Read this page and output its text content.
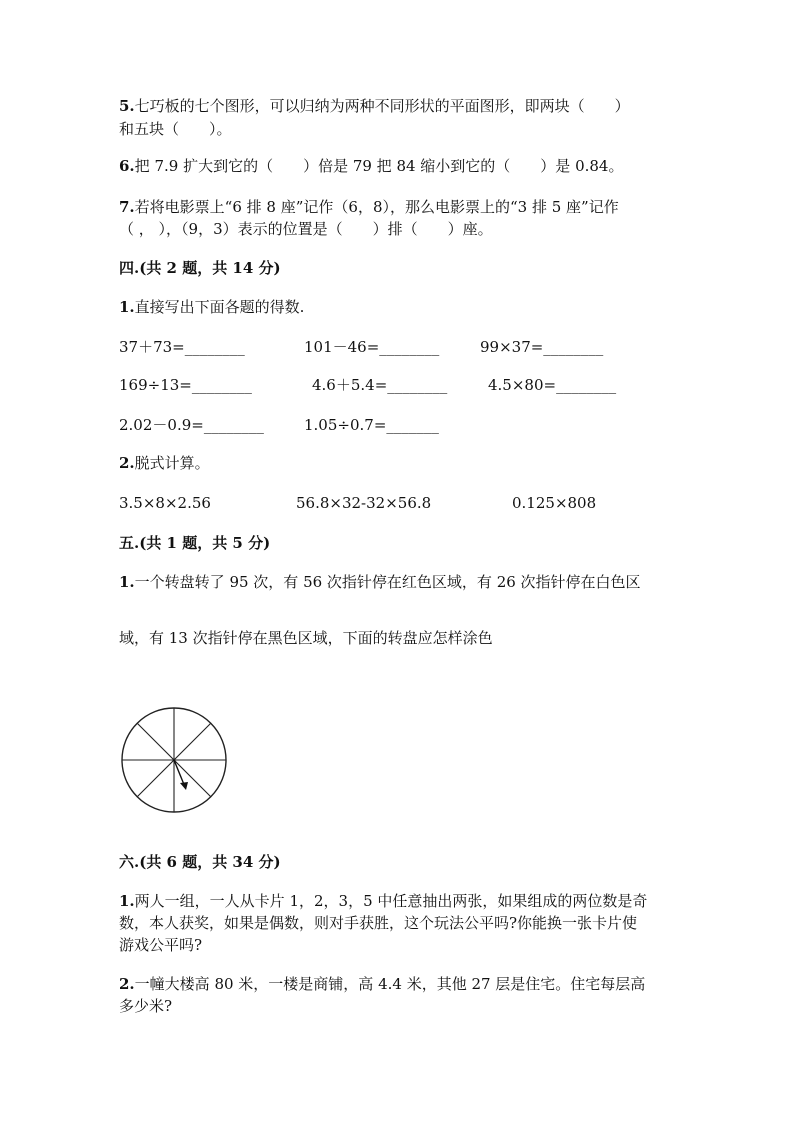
5.七巧板的七个图形，可以归纳为两种不同形状的平面图形，即两块（　　）
和五块（　　）。
6.把 7.9 扩大到它的（　　）倍是 79 把 84 缩小到它的（　　）是 0.84。
7.若将电影票上“6 排 8 座”记作（6，8），那么电影票上的“3 排 5 座”记作
（ ， ），（9，3）表示的位置是（　　）排（　　）座。
四.(共 2 题，共 14 分)
1.直接写出下面各题的得数.
37＋73=________	101－46=________	99×37=________
169÷13=________	4.6＋5.4=________	4.5×80=________
2.02－0.9=________	1.05÷0.7=_______
2.脱式计算。
3.5×8×2.56	56.8×32-32×56.8	0.125×808
五.(共 1 题，共 5 分)
1.一个转盘转了 95 次，有 56 次指针停在红色区域，有 26 次指针停在白色区
域，有 13 次指针停在黑色区域，下面的转盘应怎样涂色
六.(共 6 题，共 34 分)
1.两人一组，一人从卡片 1，2，3，5 中任意抽出两张，如果组成的两位数是奇
数，本人获奖，如果是偶数，则对手获胜，这个玩法公平吗?你能换一张卡片使
游戏公平吗?
2.一幢大楼高 80 米，一楼是商铺，高 4.4 米，其他 27 层是住宅。住宅每层高
多少米?
